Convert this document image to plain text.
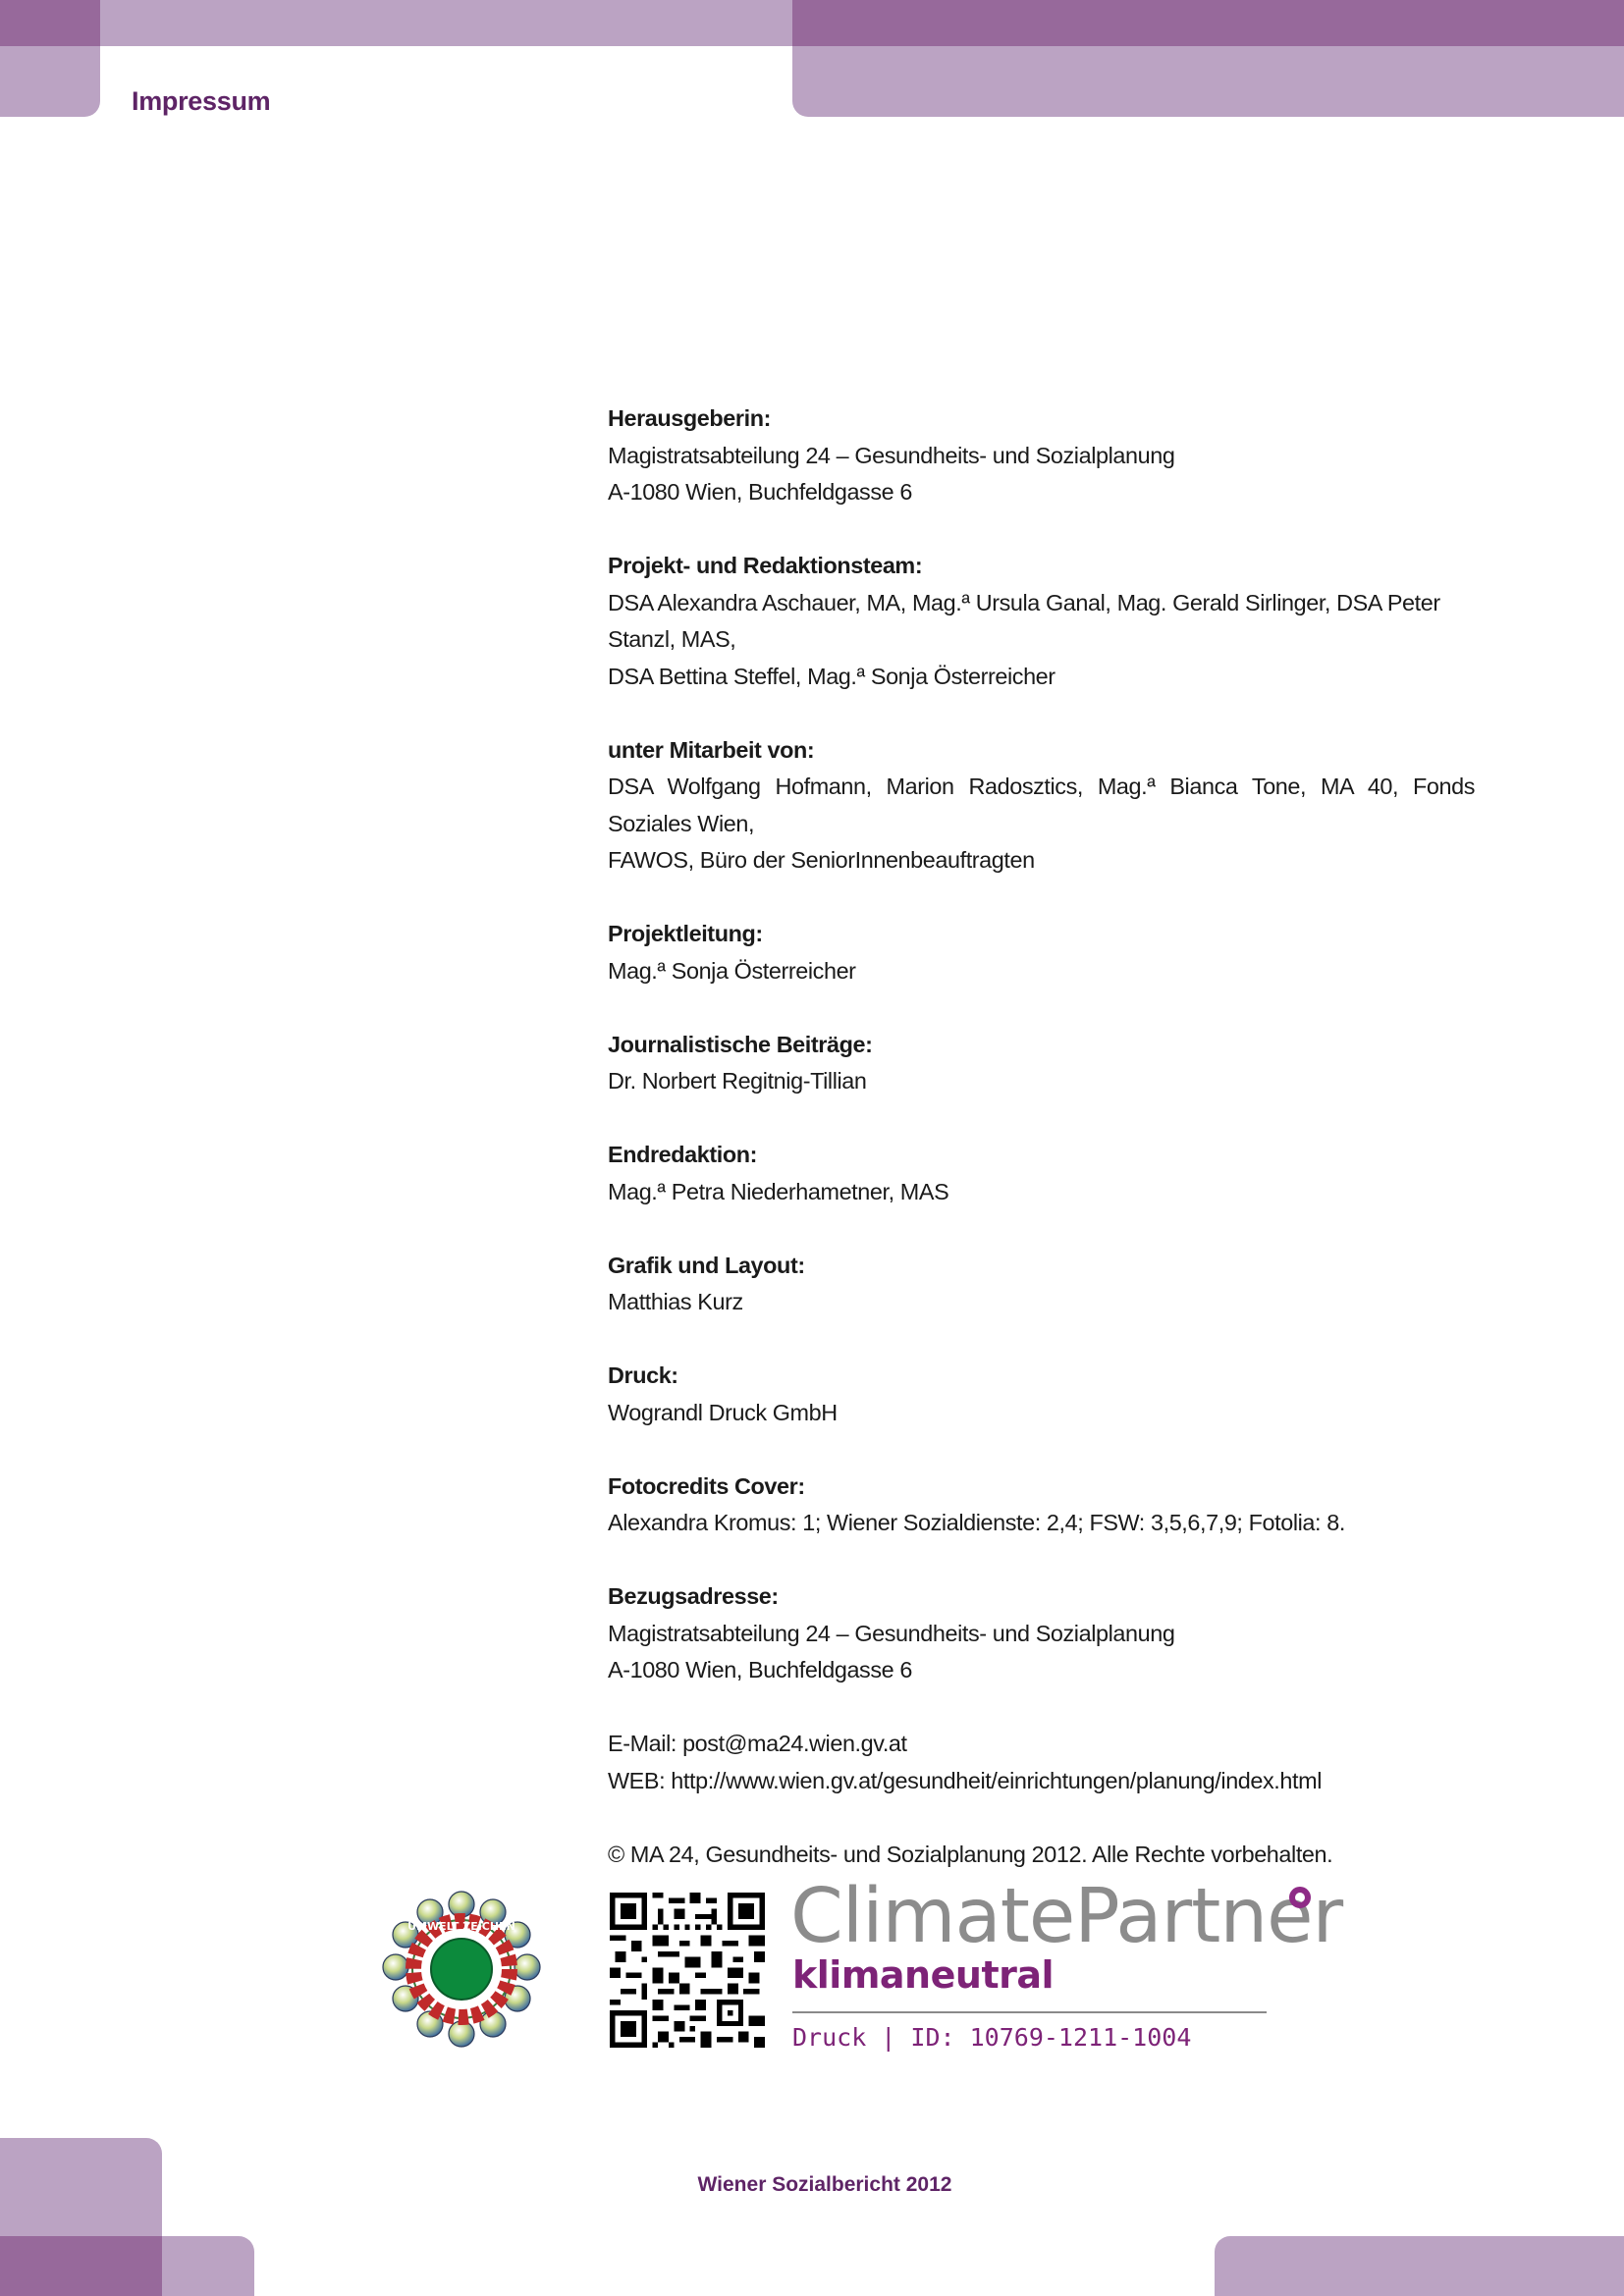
Impressum
Herausgeberin:
Magistratsabteilung 24 – Gesundheits- und Sozialplanung
A-1080 Wien, Buchfeldgasse 6
Projekt- und Redaktionsteam:
DSA Alexandra Aschauer, MA, Mag.ª Ursula Ganal, Mag. Gerald Sirlinger, DSA Peter Stanzl, MAS,
DSA Bettina Steffel, Mag.ª Sonja Österreicher
unter Mitarbeit von:
DSA Wolfgang Hofmann, Marion Radosztics, Mag.ª Bianca Tone, MA 40, Fonds Soziales Wien,
FAWOS, Büro der SeniorInnenbeauftragten
Projektleitung:
Mag.ª Sonja Österreicher
Journalistische Beiträge:
Dr. Norbert Regitnig-Tillian
Endredaktion:
Mag.ª Petra Niederhametner, MAS
Grafik und Layout:
Matthias Kurz
Druck:
Wograndl Druck GmbH
Fotocredits Cover:
Alexandra Kromus: 1; Wiener Sozialdienste: 2,4; FSW: 3,5,6,7,9; Fotolia: 8.
Bezugsadresse:
Magistratsabteilung 24 – Gesundheits- und Sozialplanung
A-1080 Wien, Buchfeldgasse 6
E-Mail: post@ma24.wien.gv.at
WEB: http://www.wien.gv.at/gesundheit/einrichtungen/planung/index.html
© MA 24, Gesundheits- und Sozialplanung 2012. Alle Rechte vorbehalten.
UMWELT ZEICHEN	ClimatePartner
klimaneutral
Druck | ID: 10769-1211-1004
Wiener Sozialbericht 2012
